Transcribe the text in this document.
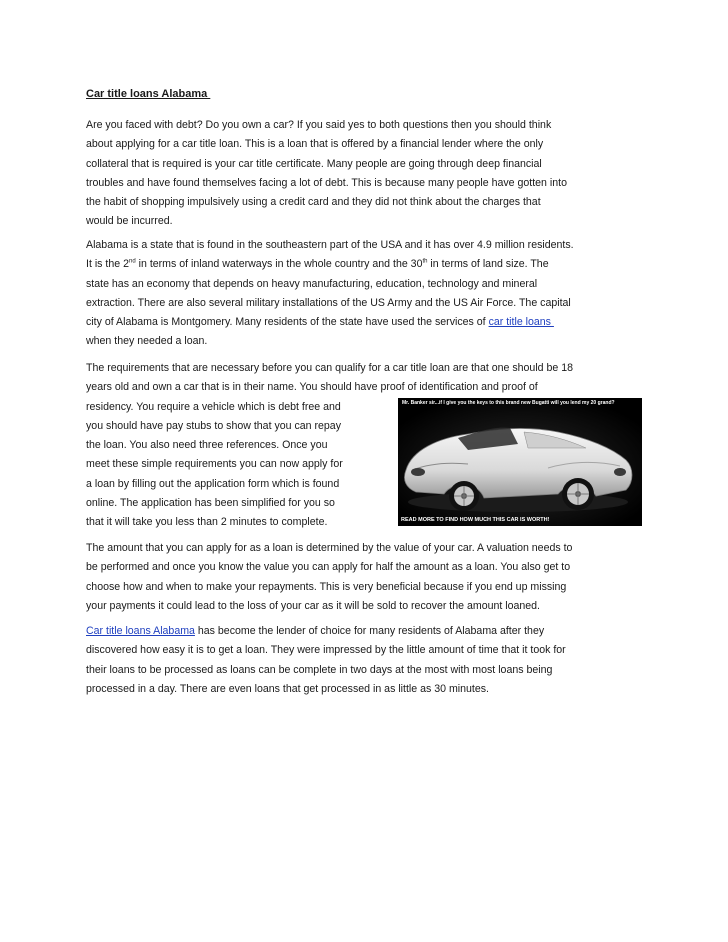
Car title loans Alabama

Are you faced with debt? Do you own a car? If you said yes to both questions then you should think
about applying for a car title loan. This is a loan that is offered by a financial lender where the only
collateral that is required is your car title certificate. Many people are going through deep financial
troubles and have found themselves facing a lot of debt. This is because many people have gotten into
the habit of shopping impulsively using a credit card and they did not think about the charges that
would be incurred.

Alabama is a state that is found in the southeastern part of the USA and it has over 4.9 million residents.
It is the 2nd in terms of inland waterways in the whole country and the 30th in terms of land size. The
state has an economy that depends on heavy manufacturing, education, technology and mineral
extraction. There are also several military installations of the US Army and the US Air Force. The capital
city of Alabama is Montgomery. Many residents of the state have used the services of car title loans
when they needed a loan.

The requirements that are necessary before you can qualify for a car title loan are that one should be 18
years old and own a car that is in their name. You should have proof of identification and proof of
residency. You require a vehicle which is debt free and
you should have pay stubs to show that you can repay
the loan. You also need three references. Once you
meet these simple requirements you can now apply for
a loan by filling out the application form which is found
online. The application has been simplified for you so
that it will take you less than 2 minutes to complete.

The amount that you can apply for as a loan is determined by the value of your car. A valuation needs to
be performed and once you know the value you can apply for half the amount as a loan. You also get to
choose how and when to make your repayments. This is very beneficial because if you end up missing
your payments it could lead to the loss of your car as it will be sold to recover the amount loaned.

Car title loans Alabama has become the lender of choice for many residents of Alabama after they
discovered how easy it is to get a loan. They were impressed by the little amount of time that it took for
their loans to be processed as loans can be complete in two days at the most with most loans being
processed in a day. There are even loans that get processed in as little as 30 minutes.

Mr. Banker sir...if I give you the keys to this brand new Bugatti will you lend my 20 grand?
READ MORE TO FIND HOW MUCH THIS CAR IS WORTH!
